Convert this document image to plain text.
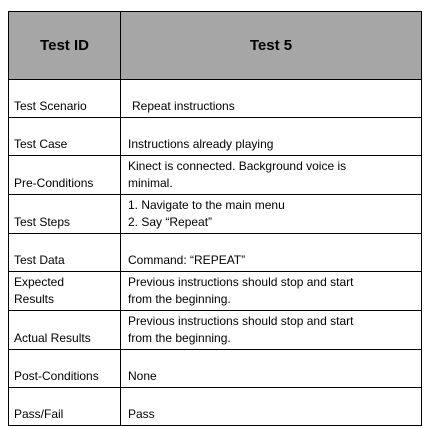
Test ID	Test 5
Test Scenario	Repeat instructions

Test Case	Instructions already playing

Pre-Conditions	Kinect is connected. Background voice is
minimal.

Test Steps	1. Navigate to the main menu
2. Say “Repeat”

Test Data	Command: “REPEAT”

Expected
Results	Previous instructions should stop and start
from the beginning.

Actual Results	Previous instructions should stop and start
from the beginning.

Post-Conditions	None

Pass/Fail	Pass
